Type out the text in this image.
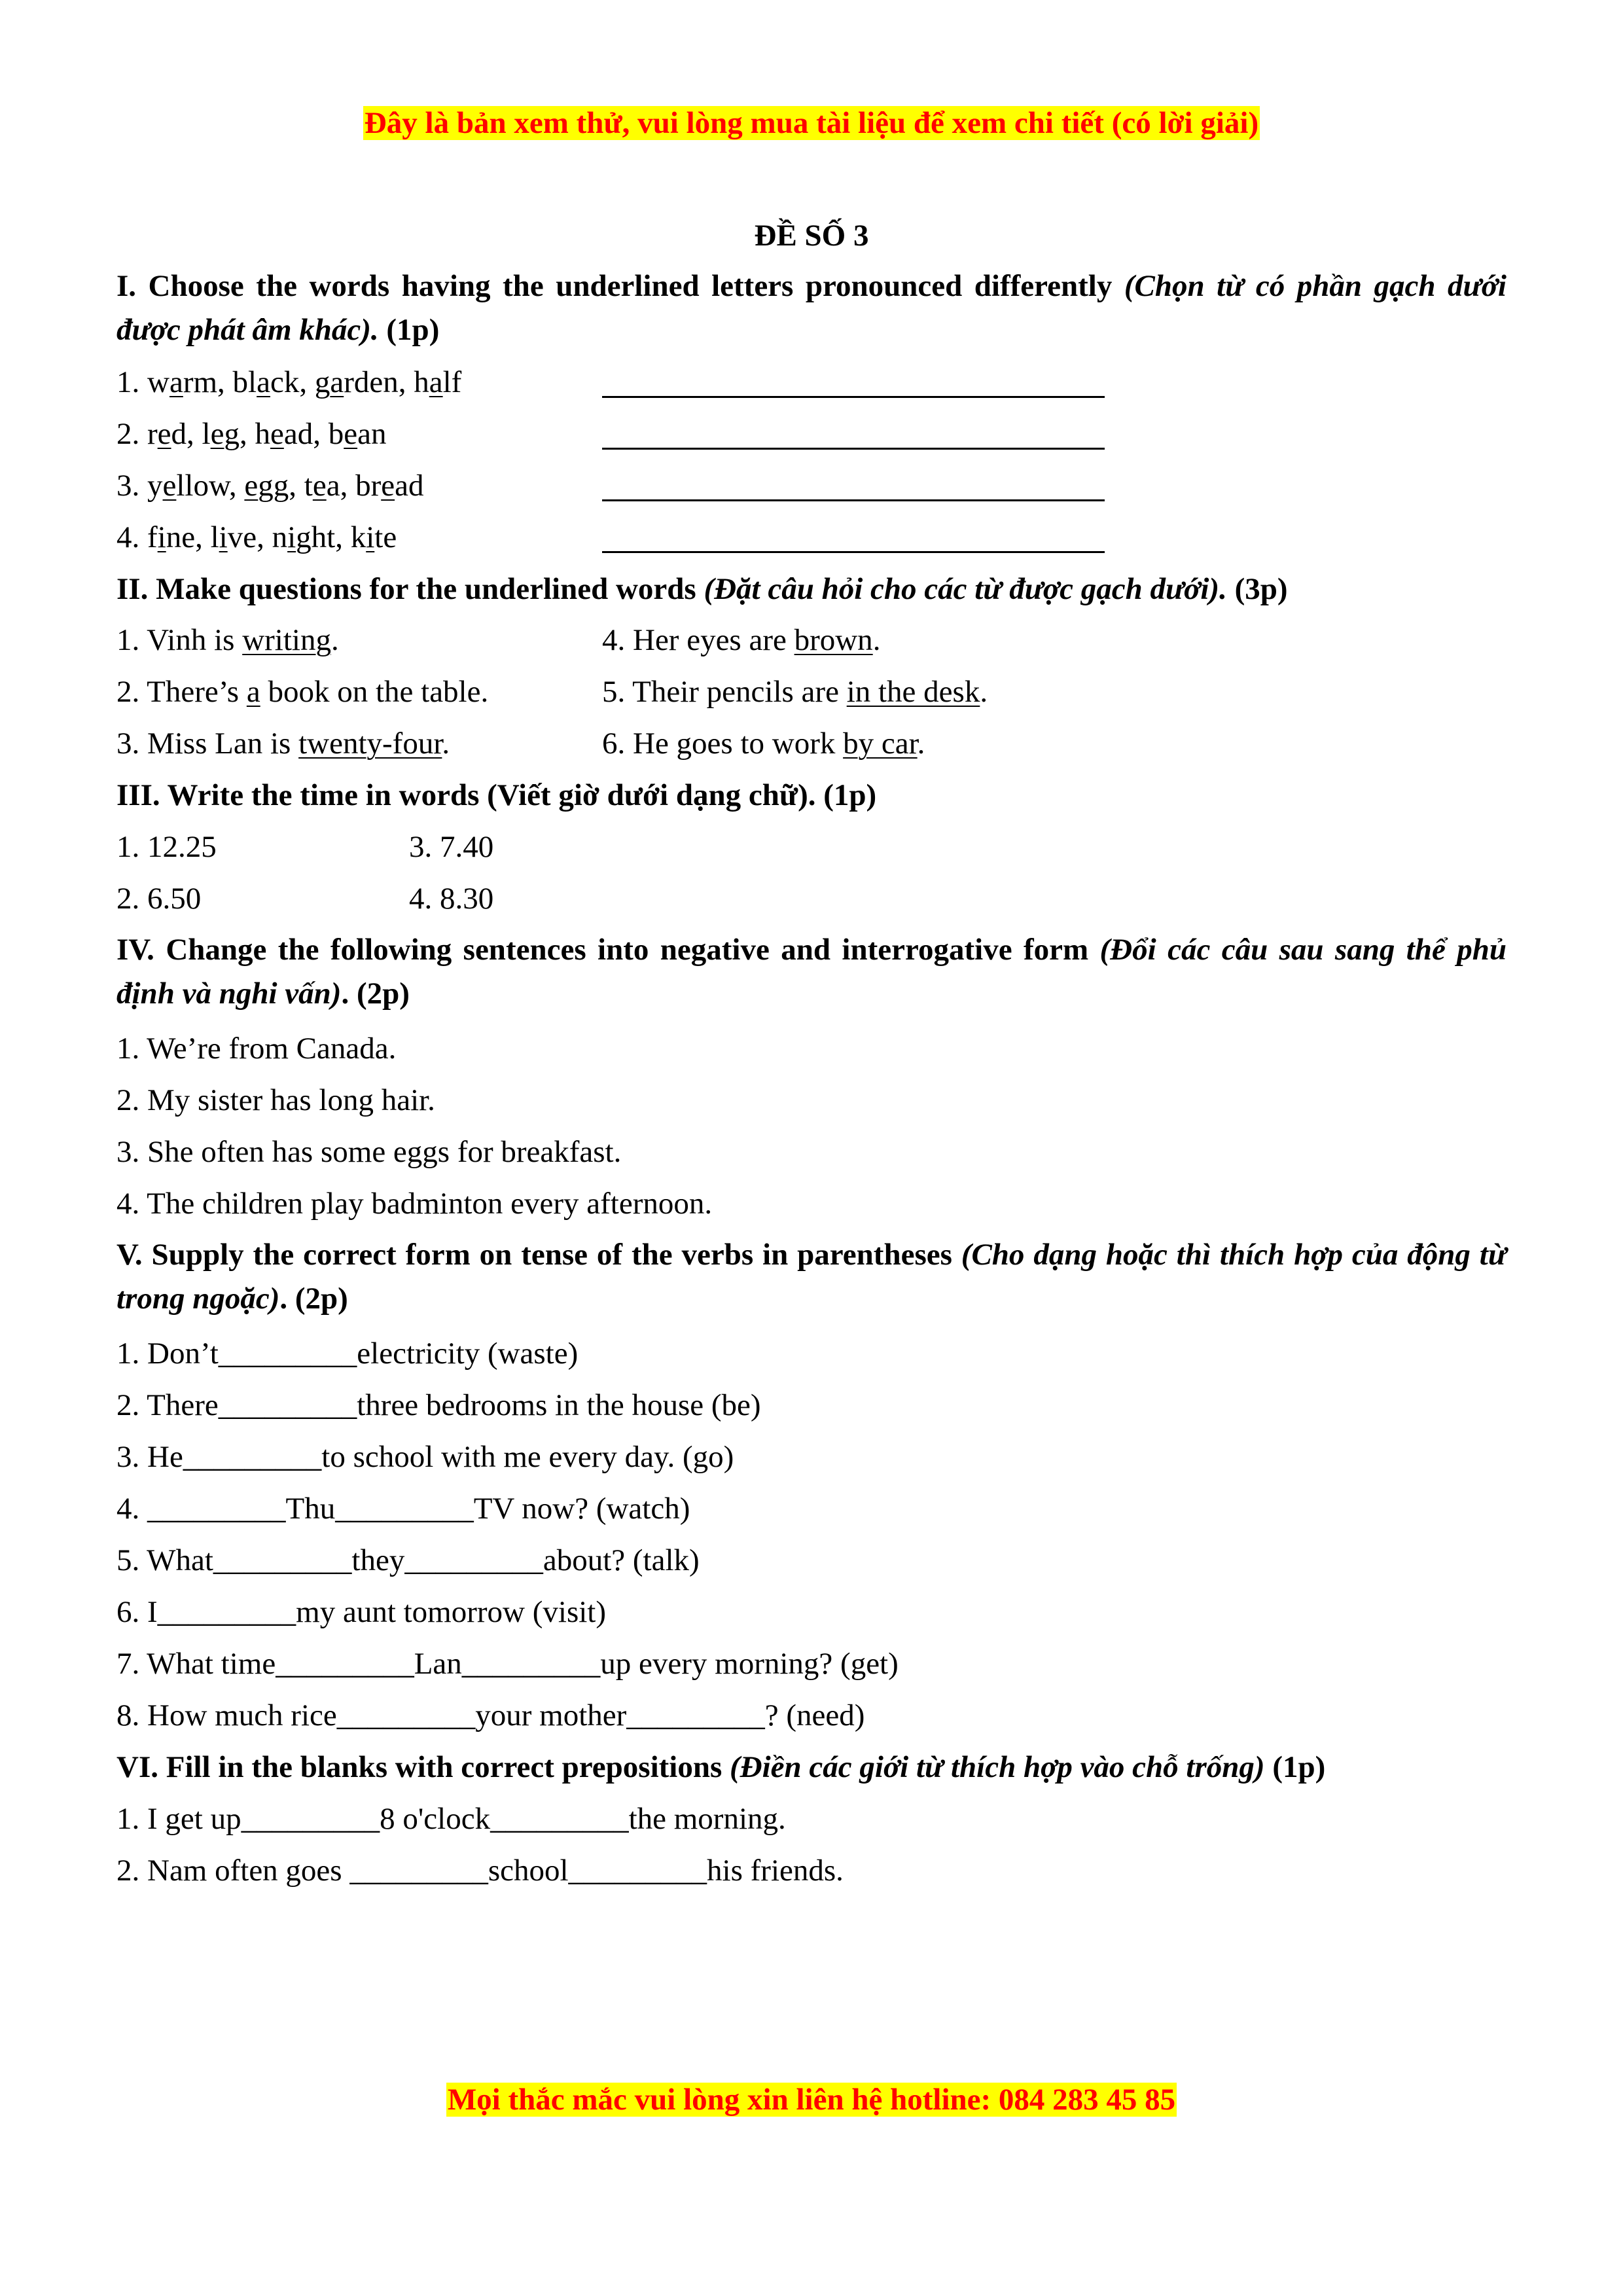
Đây là bản xem thử, vui lòng mua tài liệu để xem chi tiết (có lời giải)
ĐỀ SỐ 3
I. Choose the words having the underlined letters pronounced differently (Chọn từ có phần gạch dưới được phát âm khác). (1p)
1. warm, black, garden, half
2. red, leg, head, bean
3. yellow, egg, tea, bread
4. fine, live, night, kite
II. Make questions for the underlined words (Đặt câu hỏi cho các từ được gạch dưới). (3p)
1. Vinh is writing.	4. Her eyes are brown.
2. There’s a book on the table.	5. Their pencils are in the desk.
3. Miss Lan is twenty-four.	6. He goes to work by car.
III. Write the time in words (Viết giờ dưới dạng chữ). (1p)
1. 12.25	3. 7.40
2. 6.50	4. 8.30
IV. Change the following sentences into negative and interrogative form (Đổi các câu sau sang thể phủ định và nghi vấn). (2p)
1. We’re from Canada.
2. My sister has long hair.
3. She often has some eggs for breakfast.
4. The children play badminton every afternoon.
V. Supply the correct form on tense of the verbs in parentheses (Cho dạng hoặc thì thích hợp của động từ trong ngoặc). (2p)
1. Don’t_________electricity (waste)
2. There_________three bedrooms in the house (be)
3. He_________to school with me every day. (go)
4. _________Thu_________TV now? (watch)
5. What_________they_________about? (talk)
6. I_________my aunt tomorrow (visit)
7. What time_________Lan_________up every morning? (get)
8. How much rice_________your mother_________? (need)
VI. Fill in the blanks with correct prepositions (Điền các giới từ thích hợp vào chỗ trống) (1p)
1. I get up_________8 o'clock_________the morning.
2. Nam often goes _________school_________his friends.
Mọi thắc mắc vui lòng xin liên hệ hotline: 084 283 45 85
